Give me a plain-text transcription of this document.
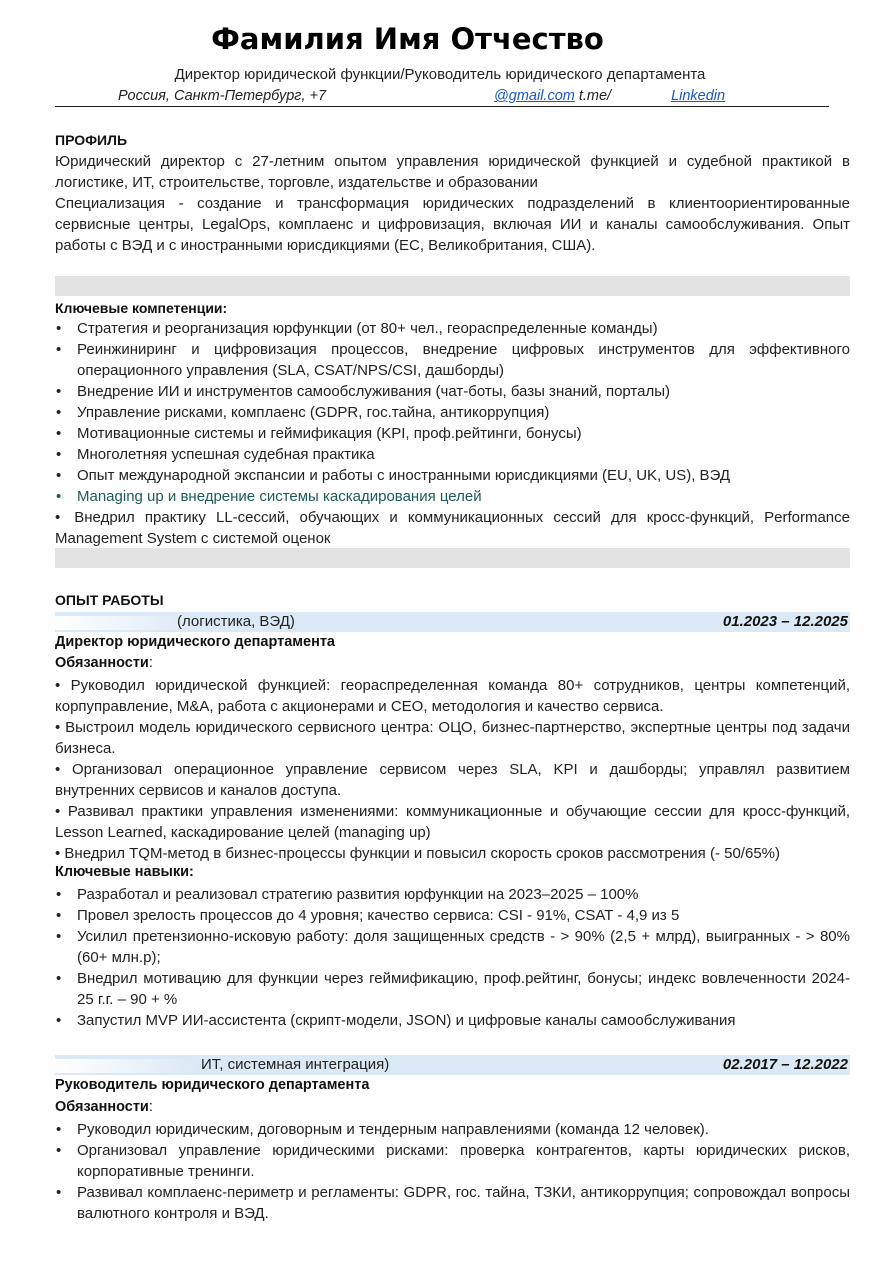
Фамилия Имя Отчество
Директор юридической функции/Руководитель юридического департамента
Россия, Санкт-Петербург, +7	@gmail.com t.me/	Linkedin
ПРОФИЛЬ

Юридический директор с 27-летним опытом управления юридической функцией и судебной практикой в логистике, ИТ, строительстве, торговле, издательстве и образовании

Специализация - создание и трансформация юридических подразделений в клиентоориентированные сервисные центры, LegalOps, комплаенс и цифровизация, включая ИИ и каналы самообслуживания. Опыт работы с ВЭД и с иностранными юрисдикциями (ЕС, Великобритания, США).

Ключевые компетенции:
• Стратегия и реорганизация юрфункции (от 80+ чел., геораспределенные команды)
• Реинжиниринг и цифровизация процессов, внедрение цифровых инструментов для эффективного операционного управления (SLA, CSAT/NPS/CSI, дашборды)
• Внедрение ИИ и инструментов самообслуживания (чат-боты, базы знаний, порталы)
• Управление рисками, комплаенс (GDPR, гос.тайна, антикоррупция)
• Мотивационные системы и геймификация (KPI, проф.рейтинги, бонусы)
• Многолетняя успешная судебная практика
• Опыт международной экспансии и работы с иностранными юрисдикциями (EU, UK, US), ВЭД
• Managing up и внедрение системы каскадирования целей
• Внедрил практику LL-сессий, обучающих и коммуникационных сессий для кросс-функций, Performance Management System с системой оценок
ОПЫТ РАБОТЫ
(логистика, ВЭД)	01.2023 – 12.2025
Директор юридического департамента
Обязанности:
• Руководил юридической функцией: георaспределенная команда 80+ сотрудников, центры компетенций, корпуправление, M&A, работа с акционерами и CEO, методология и качество сервиса.
• Выстроил модель юридического сервисного центра: ОЦО, бизнес-партнерство, экспертные центры под задачи бизнеса.
• Организовал операционное управление сервисом через SLA, KPI и дашборды; управлял развитием внутренних сервисов и каналов доступа.
• Развивал практики управления изменениями: коммуникационные и обучающие сессии для кросс-функций, Lesson Learned, каскадирование целей (managing up)
• Внедрил TQM-метод в бизнес-процессы функции и повысил скорость сроков рассмотрения (- 50/65%)
Ключевые навыки:
• Разработал и реализовал стратегию развития юрфункции на 2023–2025 – 100%
• Провел зрелость процессов до 4 уровня; качество сервиса: CSI - 91%, CSAT - 4,9 из 5
• Усилил претензионно-исковую работу: доля защищенных средств - > 90% (2,5 + млрд), выигранных - > 80% (60+ млн.р);
• Внедрил мотивацию для функции через геймификацию, проф.рейтинг, бонусы; индекс вовлеченности 2024-25 г.г. – 90 + %
• Запустил MVP ИИ-ассистента (скрипт-модели, JSON) и цифровые каналы самообслуживания
ИТ, системная интеграция)	02.2017 – 12.2022
Руководитель юридического департамента
Обязанности:
• Руководил юридическим, договорным и тендерным направлениями (команда 12 человек).
• Организовал управление юридическими рисками: проверка контрагентов, карты юридических рисков, корпоративные тренинги.
• Развивал комплаенс-периметр и регламенты: GDPR, гос. тайна, ТЗКИ, антикоррупция; сопровождал вопросы валютного контроля и ВЭД.
